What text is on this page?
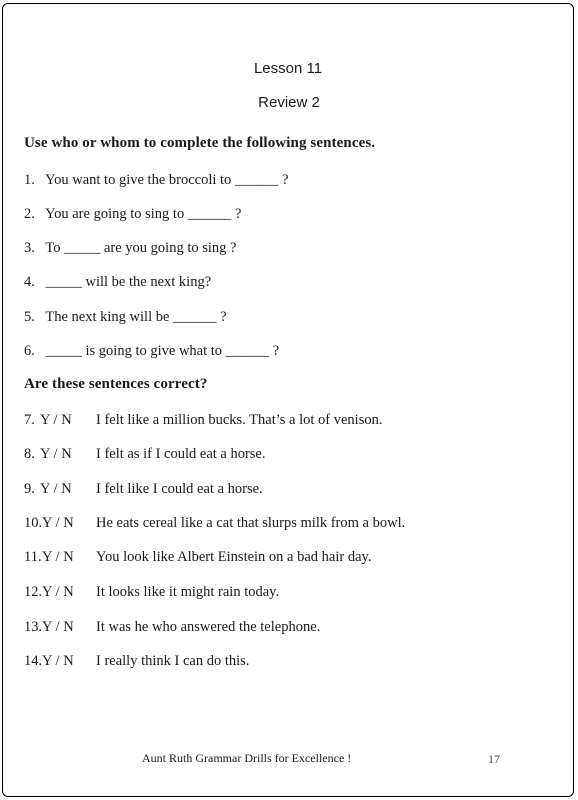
Lesson 11
Review 2
Use who or whom to complete the following sentences.
1. You want to give the broccoli to ______ ?
2. You are going to sing to ______ ?
3. To _____ are you going to sing ?
4. _____ will be the next king?
5. The next king will be ______ ?
6. _____ is going to give what to ______ ?
Are these sentences correct?
7. Y / N I felt like a million bucks. That’s a lot of venison.
8. Y / N I felt as if I could eat a horse.
9. Y / N I felt like I could eat a horse.
10. Y / N He eats cereal like a cat that slurps milk from a bowl.
11. Y / N You look like Albert Einstein on a bad hair day.
12. Y / N It looks like it might rain today.
13. Y / N It was he who answered the telephone.
14. Y / N I really think I can do this.
Aunt Ruth Grammar Drills for Excellence !	17
